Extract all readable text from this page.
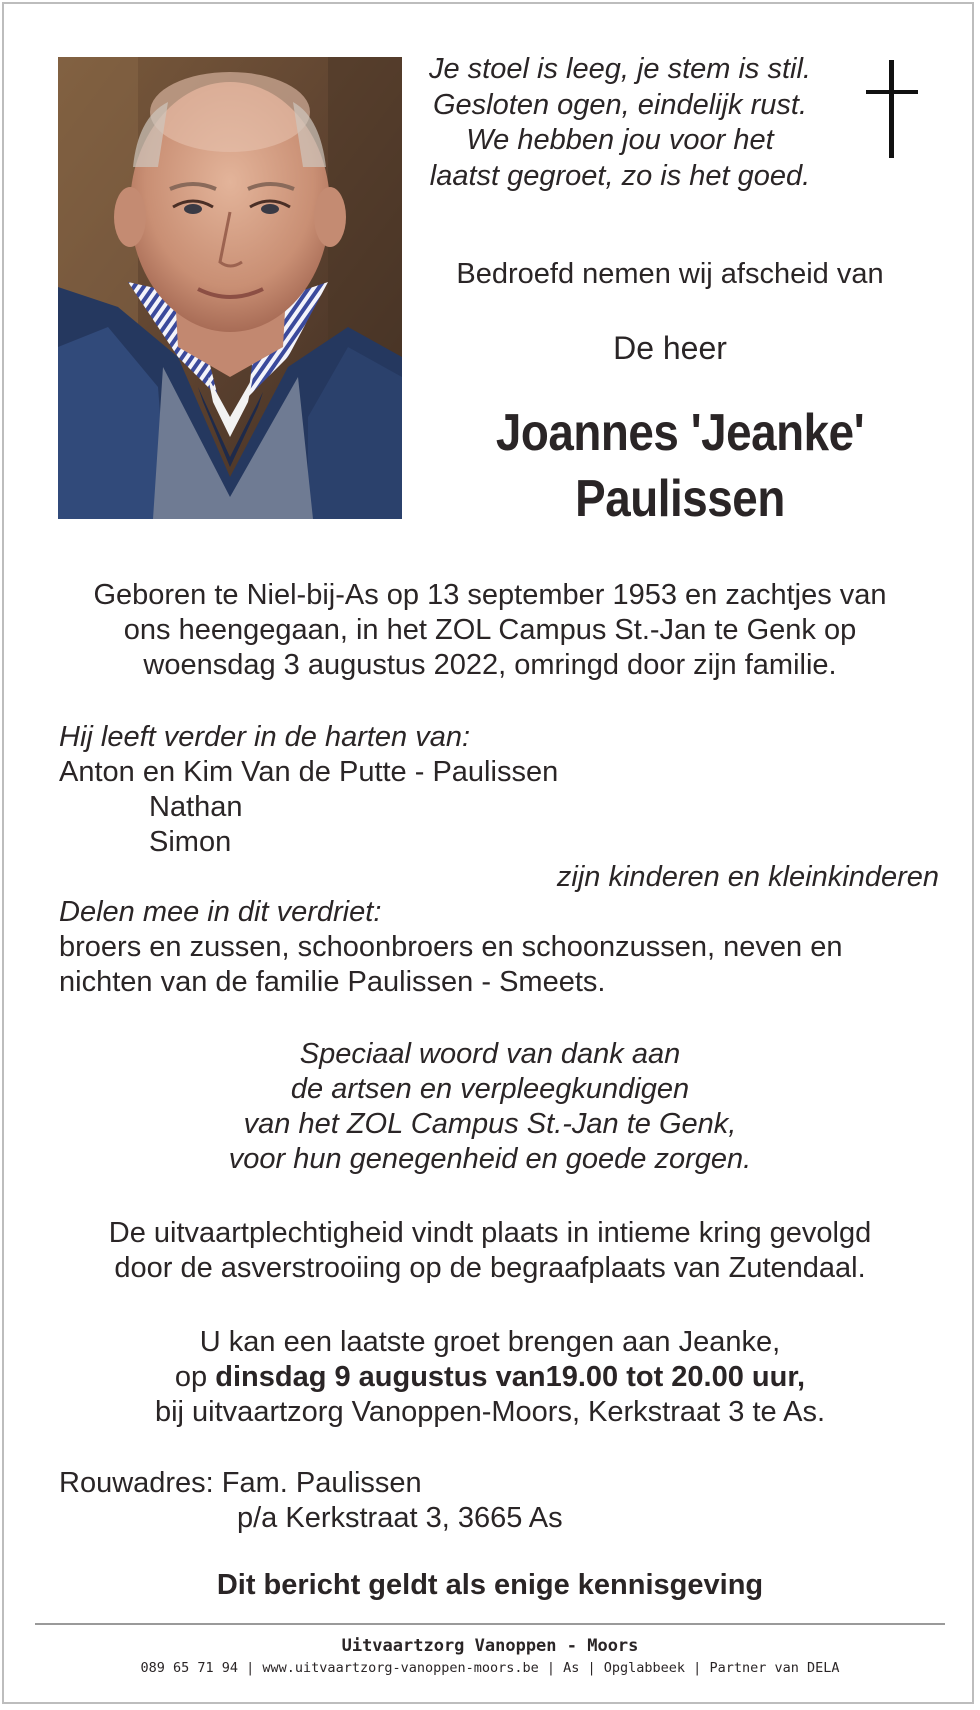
Je stoel is leeg, je stem is stil.
Gesloten ogen, eindelijk rust.
We hebben jou voor het
laatst gegroet, zo is het goed.
Bedroefd nemen wij afscheid van
De heer
Joannes 'Jeanke'
Paulissen
Geboren te Niel-bij-As op 13 september 1953 en zachtjes van
ons heengegaan, in het ZOL Campus St.-Jan te Genk op
woensdag 3 augustus 2022, omringd door zijn familie.
Hij leeft verder in de harten van:
Anton en Kim Van de Putte - Paulissen
Nathan
Simon
zijn kinderen en kleinkinderen
Delen mee in dit verdriet:
broers en zussen, schoonbroers en schoonzussen, neven en
nichten van de familie Paulissen - Smeets.
Speciaal woord van dank aan
de artsen en verpleegkundigen
van het ZOL Campus St.-Jan te Genk,
voor hun genegenheid en goede zorgen.
De uitvaartplechtigheid vindt plaats in intieme kring gevolgd
door de asverstrooiing op de begraafplaats van Zutendaal.
U kan een laatste groet brengen aan Jeanke,
op dinsdag 9 augustus van19.00 tot 20.00 uur,
bij uitvaartzorg Vanoppen-Moors, Kerkstraat 3 te As.
Rouwadres: Fam. Paulissen
p/a Kerkstraat 3, 3665 As
Dit bericht geldt als enige kennisgeving
Uitvaartzorg Vanoppen - Moors
089 65 71 94 | www.uitvaartzorg-vanoppen-moors.be | As | Opglabbeek | Partner van DELA
